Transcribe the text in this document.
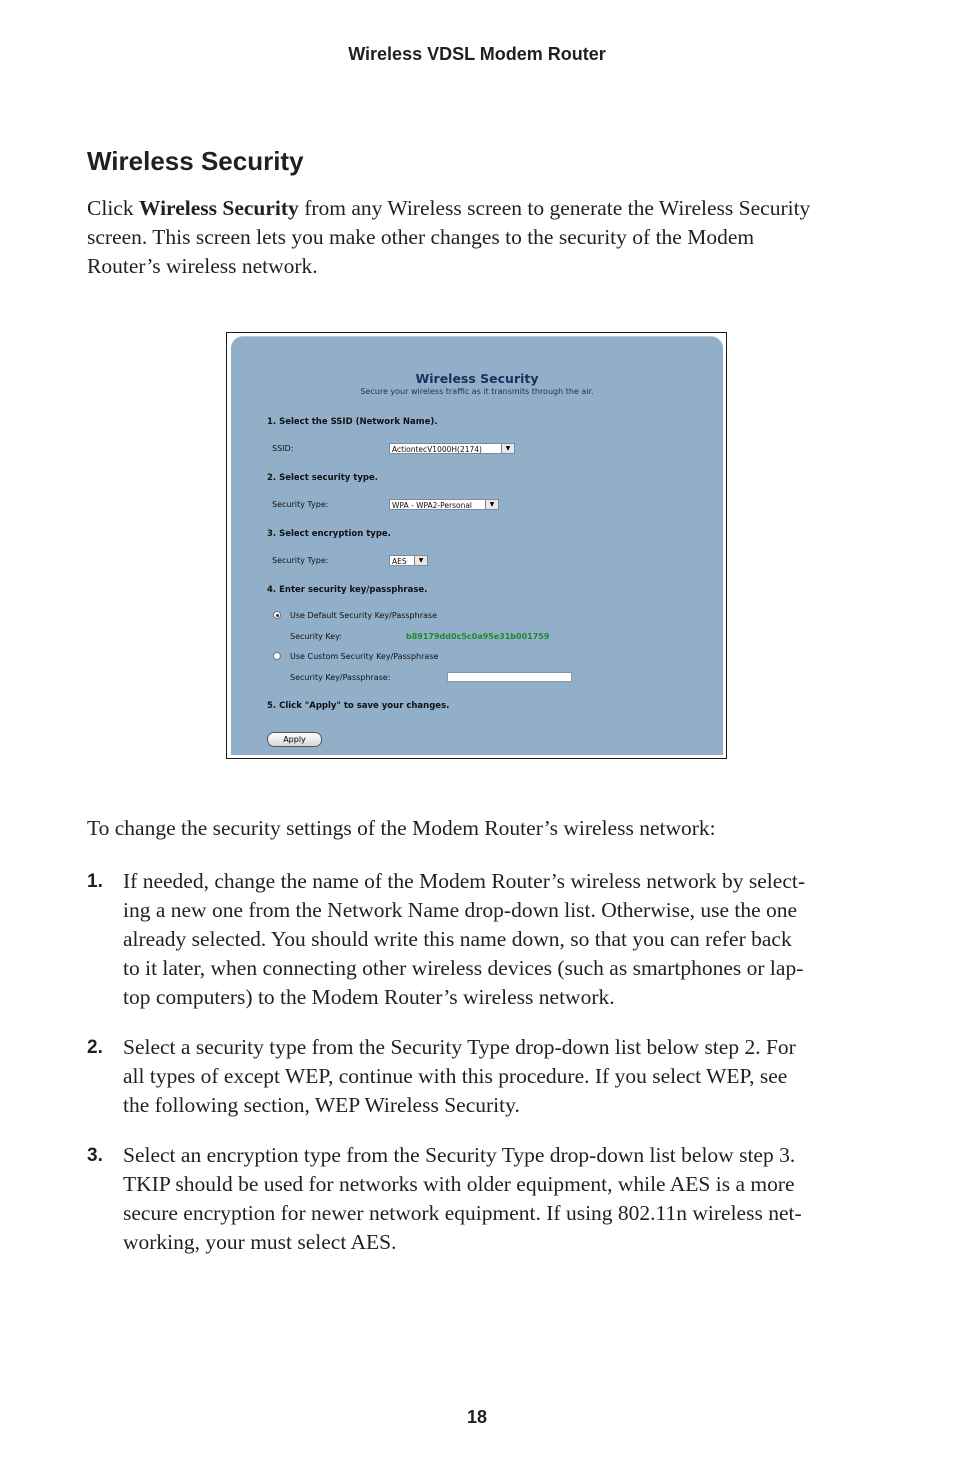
Wireless VDSL Modem Router
Wireless Security
Click Wireless Security from any Wireless screen to generate the Wireless Security
screen. This screen lets you make other changes to the security of the Modem
Router’s wireless network.
Wireless Security
Secure your wireless traffic as it transmits through the air.
1. Select the SSID (Network Name).
SSID:	ActiontecV1000H(2174)	▼
2. Select security type.
Security Type:	WPA - WPA2-Personal	▼
3. Select encryption type.
Security Type:	AES	▼
4. Enter security key/passphrase.
Use Default Security Key/Passphrase
Security Key:	b89179dd0c5c0a95e31b001759
Use Custom Security Key/Passphrase
Security Key/Passphrase:
5. Click "Apply" to save your changes.
Apply
To change the security settings of the Modem Router’s wireless network:
1. If needed, change the name of the Modem Router’s wireless network by select-
ing a new one from the Network Name drop-down list. Otherwise, use the one
already selected. You should write this name down, so that you can refer back
to it later, when connecting other wireless devices (such as smartphones or lap-
top computers) to the Modem Router’s wireless network.
2. Select a security type from the Security Type drop-down list below step 2. For
all types of except WEP, continue with this procedure. If you select WEP, see
the following section, WEP Wireless Security.
3. Select an encryption type from the Security Type drop-down list below step 3.
TKIP should be used for networks with older equipment, while AES is a more
secure encryption for newer network equipment. If using 802.11n wireless net-
working, your must select AES.
18
